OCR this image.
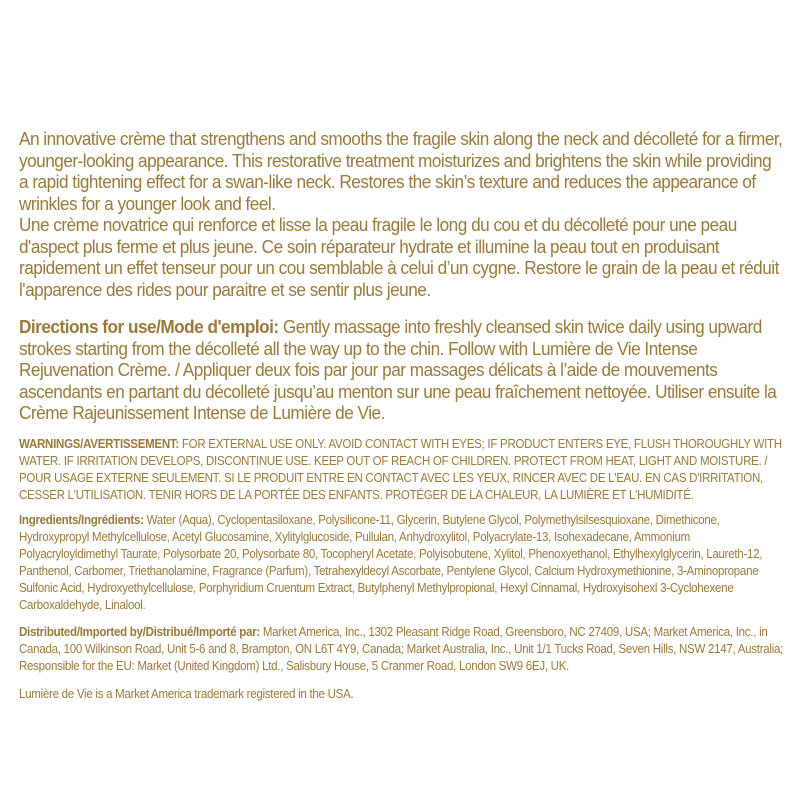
An innovative crème that strengthens and smooths the fragile skin along the neck and décolleté for a firmer, younger-looking appearance. This restorative treatment moisturizes and brightens the skin while providing a rapid tightening effect for a swan-like neck. Restores the skin’s texture and reduces the appearance of wrinkles for a younger look and feel.

Une crème novatrice qui renforce et lisse la peau fragile le long du cou et du décolleté pour une peau d'aspect plus ferme et plus jeune. Ce soin réparateur hydrate et illumine la peau tout en produisant rapidement un effet tenseur pour un cou semblable à celui d’un cygne. Restore le grain de la peau et réduit l'apparence des rides pour paraitre et se sentir plus jeune.

Directions for use/Mode d'emploi: Gently massage into freshly cleansed skin twice daily using upward strokes starting from the décolleté all the way up to the chin. Follow with Lumière de Vie Intense Rejuvenation Crème. / Appliquer deux fois par jour par massages délicats à l’aide de mouvements ascendants en partant du décolleté jusqu’au menton sur une peau fraîchement nettoyée. Utiliser ensuite la Crème Rajeunissement Intense de Lumière de Vie.

WARNINGS/AVERTISSEMENT: FOR EXTERNAL USE ONLY. AVOID CONTACT WITH EYES; IF PRODUCT ENTERS EYE, FLUSH THOROUGHLY WITH WATER. IF IRRITATION DEVELOPS, DISCONTINUE USE. KEEP OUT OF REACH OF CHILDREN. PROTECT FROM HEAT, LIGHT AND MOISTURE. / POUR USAGE EXTERNE SEULEMENT. SI LE PRODUIT ENTRE EN CONTACT AVEC LES YEUX, RINCER AVEC DE L'EAU. EN CAS D'IRRITATION, CESSER L'UTILISATION. TENIR HORS DE LA PORTÉE DES ENFANTS. PROTÉGER DE LA CHALEUR, LA LUMIÈRE ET L'HUMIDITÉ.

Ingredients/Ingrédients: Water (Aqua), Cyclopentasiloxane, Polysilicone-11, Glycerin, Butylene Glycol, Polymethylsilsesquioxane, Dimethicone, Hydroxypropyl Methylcellulose, Acetyl Glucosamine, Xylitylglucoside, Pullulan, Anhydroxylitol, Polyacrylate-13, Isohexadecane, Ammonium Polyacryloyldimethyl Taurate, Polysorbate 20, Polysorbate 80, Tocopheryl Acetate, Polyisobutene, Xylitol, Phenoxyethanol, Ethylhexylglycerin, Laureth-12, Panthenol, Carbomer, Triethanolamine, Fragrance (Parfum), Tetrahexyldecyl Ascorbate, Pentylene Glycol, Calcium Hydroxymethionine, 3-Aminopropane Sulfonic Acid, Hydroxyethylcellulose, Porphyridium Cruentum Extract, Butylphenyl Methylpropional, Hexyl Cinnamal, Hydroxyisohexl 3-Cyclohexene Carboxaldehyde, Linalool.

Distributed/Imported by/Distribué/Importé par: Market America, Inc., 1302 Pleasant Ridge Road, Greensboro, NC 27409, USA; Market America, Inc., in Canada, 100 Wilkinson Road, Unit 5-6 and 8, Brampton, ON L6T 4Y9, Canada; Market Australia, Inc., Unit 1/1 Tucks Road, Seven Hills, NSW 2147, Australia; Responsible for the EU: Market (United Kingdom) Ltd., Salisbury House, 5 Cranmer Road, London SW9 6EJ, UK.

Lumière de Vie is a Market America trademark registered in the USA.
